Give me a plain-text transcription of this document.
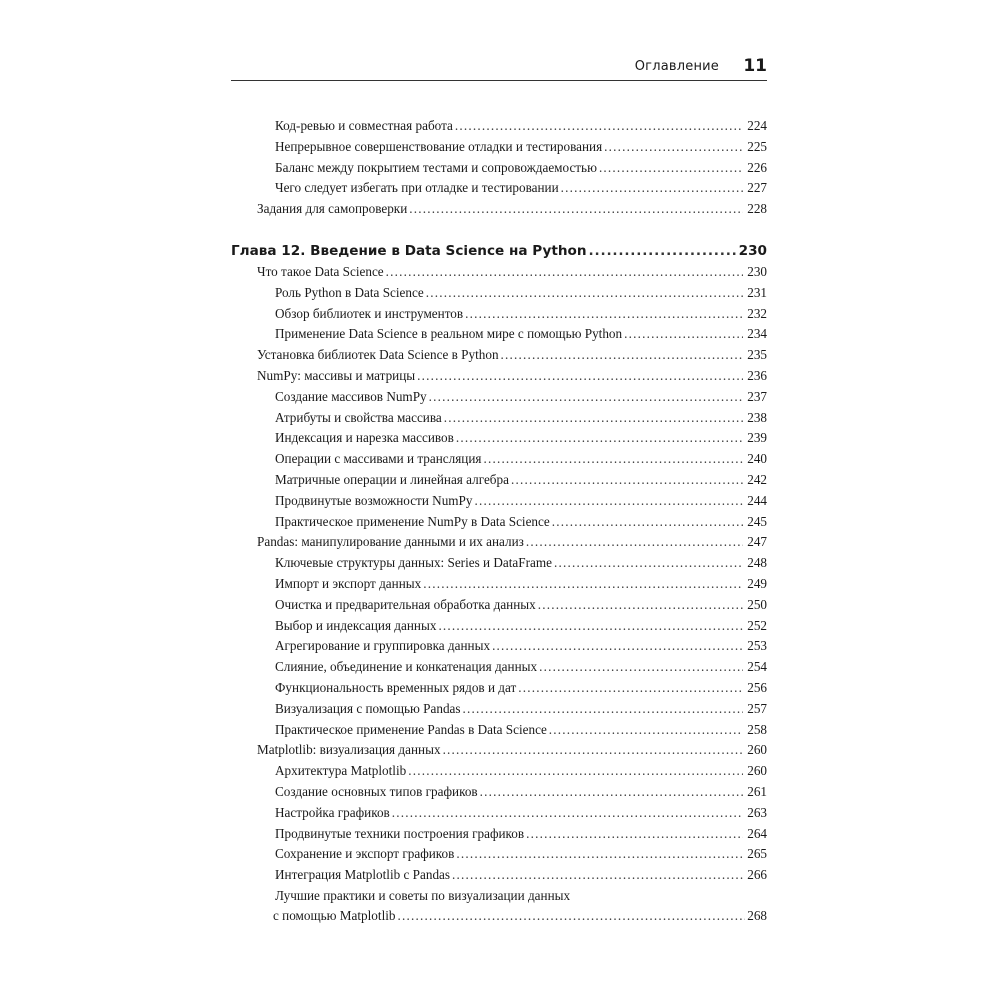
Оглавление 11
Код-ревью и совместная работа .....	224
Непрерывное совершенствование отладки и тестирования .....	225
Баланс между покрытием тестами и сопровождаемостью .....	226
Чего следует избегать при отладке и тестировании .....	227
Задания для самопроверки .....	228
Глава 12. Введение в Data Science на Python .....	230
Что такое Data Science .....	230
Роль Python в Data Science .....	231
Обзор библиотек и инструментов .....	232
Применение Data Science в реальном мире с помощью Python .....	234
Установка библиотек Data Science в Python .....	235
NumPy: массивы и матрицы .....	236
Создание массивов NumPy .....	237
Атрибуты и свойства массива .....	238
Индексация и нарезка массивов .....	239
Операции с массивами и трансляция .....	240
Матричные операции и линейная алгебра .....	242
Продвинутые возможности NumPy .....	244
Практическое применение NumPy в Data Science .....	245
Pandas: манипулирование данными и их анализ .....	247
Ключевые структуры данных: Series и DataFrame .....	248
Импорт и экспорт данных .....	249
Очистка и предварительная обработка данных .....	250
Выбор и индексация данных .....	252
Агрегирование и группировка данных .....	253
Слияние, объединение и конкатенация данных .....	254
Функциональность временных рядов и дат .....	256
Визуализация с помощью Pandas .....	257
Практическое применение Pandas в Data Science .....	258
Matplotlib: визуализация данных .....	260
Архитектура Matplotlib .....	260
Создание основных типов графиков .....	261
Настройка графиков .....	263
Продвинутые техники построения графиков .....	264
Сохранение и экспорт графиков .....	265
Интеграция Matplotlib с Pandas .....	266
Лучшие практики и советы по визуализации данных
с помощью Matplotlib .....	268
